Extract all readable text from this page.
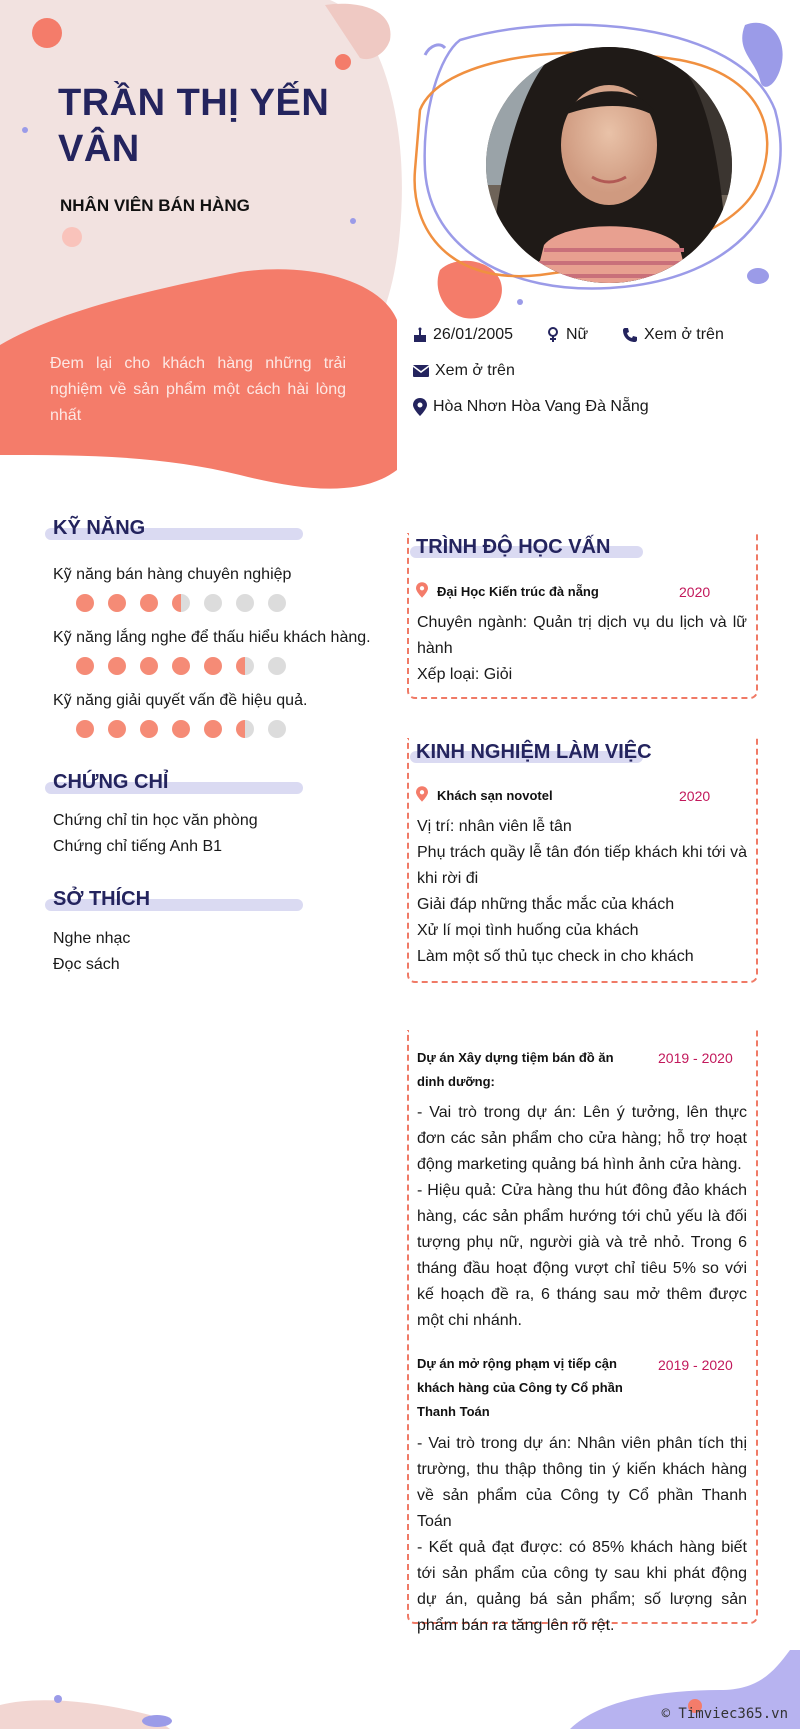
TRẦN THỊ YẾN VÂN
NHÂN VIÊN BÁN HÀNG
Đem lại cho khách hàng những trải nghiệm về sản phẩm một cách hài lòng nhất
26/01/2005	Nữ	Xem ở trên
Xem ở trên
Hòa Nhơn Hòa Vang Đà Nẵng
KỸ NĂNG
Kỹ năng bán hàng chuyên nghiệp
Kỹ năng lắng nghe để thấu hiểu khách hàng.
Kỹ năng giải quyết vấn đề hiệu quả.
CHỨNG CHỈ
Chứng chỉ tin học văn phòng
Chứng chỉ tiếng Anh B1
SỞ THÍCH
Nghe nhạc
Đọc sách
TRÌNH ĐỘ HỌC VẤN
Đại Học Kiến trúc đà nẵng	2020
Chuyên ngành: Quản trị dịch vụ du lịch và lữ hành
Xếp loại: Giỏi
KINH NGHIỆM LÀM VIỆC
Khách sạn novotel	2020
Vị trí: nhân viên lễ tân
Phụ trách quầy lễ tân đón tiếp khách khi tới và khi rời đi
Giải đáp những thắc mắc của khách
Xử lí mọi tình huống của khách
Làm một số thủ tục check in cho khách
Dự án Xây dựng tiệm bán đồ ăn dinh dưỡng:
2019 - 2020
- Vai trò trong dự án: Lên ý tưởng, lên thực đơn các sản phẩm cho cửa hàng; hỗ trợ hoạt động marketing quảng bá hình ảnh cửa hàng.
- Hiệu quả: Cửa hàng thu hút đông đảo khách hàng, các sản phẩm hướng tới chủ yếu là đối tượng phụ nữ, người già và trẻ nhỏ. Trong 6 tháng đầu hoạt động vượt chỉ tiêu 5% so với kế hoạch đề ra, 6 tháng sau mở thêm được một chi nhánh.
Dự án mở rộng phạm vị tiếp cận khách hàng của Công ty Cổ phần Thanh Toán
2019 - 2020
- Vai trò trong dự án: Nhân viên phân tích thị trường, thu thập thông tin ý kiến khách hàng về sản phẩm của Công ty Cổ phần Thanh Toán
- Kết quả đạt được: có 85% khách hàng biết tới sản phẩm của công ty sau khi phát động dự án, quảng bá sản phẩm; số lượng sản phẩm bán ra tăng lên rõ rệt.
© Timviec365.vn
